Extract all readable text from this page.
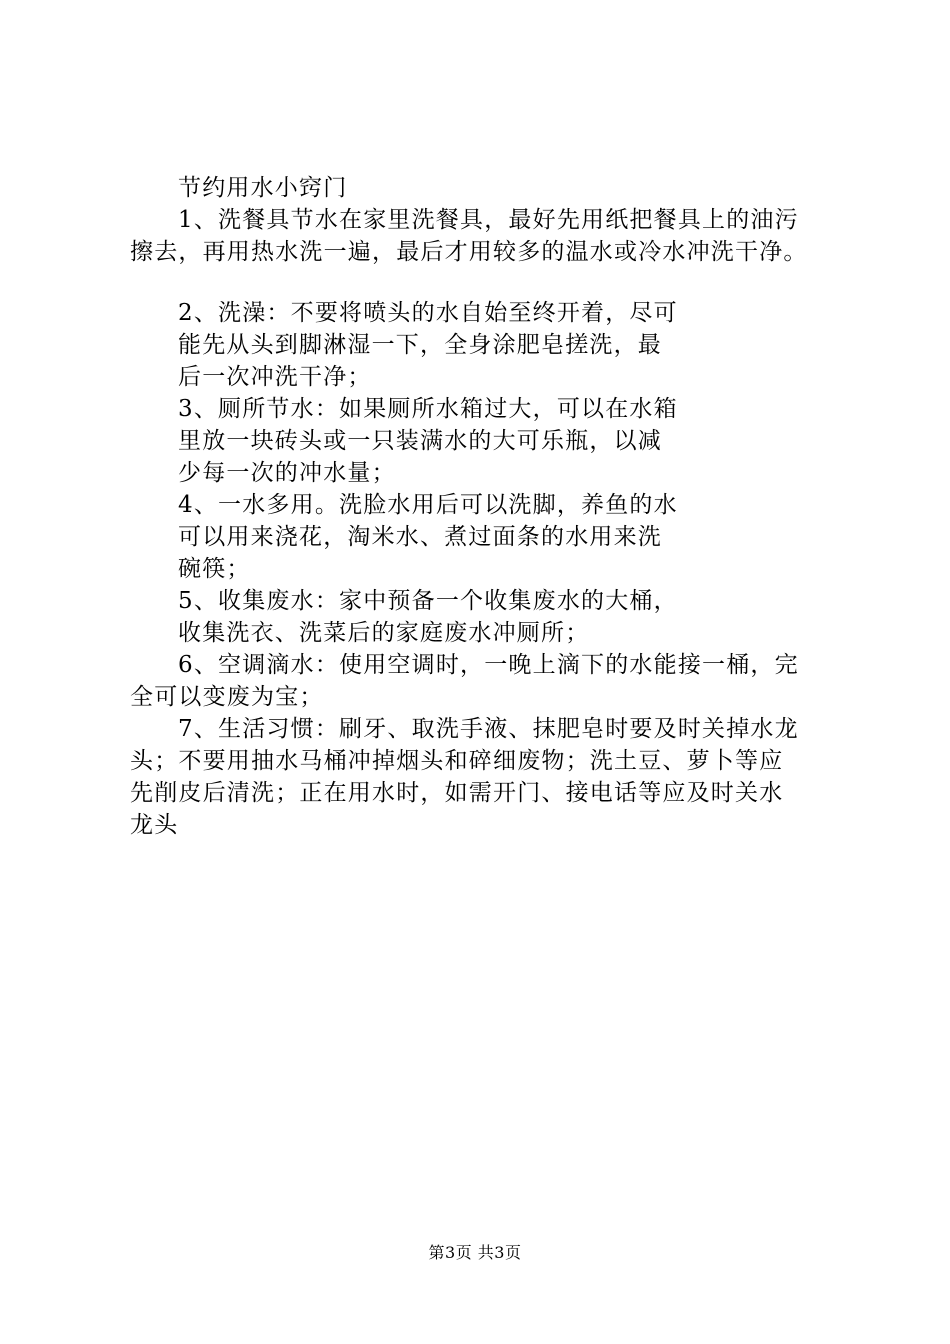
节约用水小窍门
1、洗餐具节水在家里洗餐具，最好先用纸把餐具上的油污
擦去，再用热水洗一遍，最后才用较多的温水或冷水冲洗干净。
2、洗澡：不要将喷头的水自始至终开着，尽可
能先从头到脚淋湿一下，全身涂肥皂搓洗，最
后一次冲洗干净；
3、厕所节水：如果厕所水箱过大，可以在水箱
里放一块砖头或一只装满水的大可乐瓶，以减
少每一次的冲水量；
4、一水多用。洗脸水用后可以洗脚，养鱼的水
可以用来浇花，淘米水、煮过面条的水用来洗
碗筷；
5、收集废水：家中预备一个收集废水的大桶，
收集洗衣、洗菜后的家庭废水冲厕所；
6、空调滴水：使用空调时，一晚上滴下的水能接一桶，完
全可以变废为宝；
7、生活习惯：刷牙、取洗手液、抹肥皂时要及时关掉水龙
头；不要用抽水马桶冲掉烟头和碎细废物；洗土豆、萝卜等应
先削皮后清洗；正在用水时，如需开门、接电话等应及时关水
龙头
第3页 共3页
